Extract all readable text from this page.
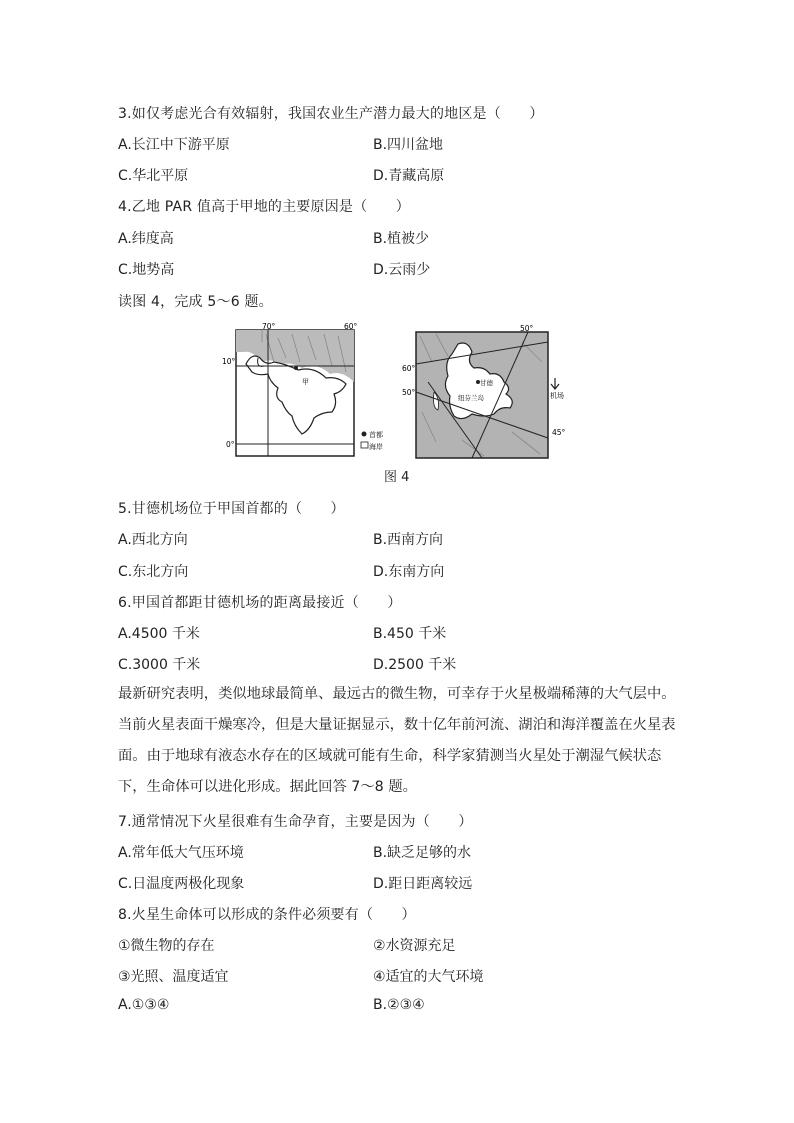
3.如仅考虑光合有效辐射，我国农业生产潜力最大的地区是（　　）
A.长江中下游平原	B.四川盆地
C.华北平原	D.青藏高原
4.乙地 PAR 值高于甲地的主要原因是（　　）
A.纬度高	B.植被少
C.地势高	D.云雨少
读图 4，完成 5～6 题。
70°	60°
10°
0°
甲
首都
海岸
50°
60°
50°
45°
甘德
纽芬兰岛	机场
图 4
5.甘德机场位于甲国首都的（　　）
A.西北方向	B.西南方向
C.东北方向	D.东南方向
6.甲国首都距甘德机场的距离最接近（　　）
A.4500 千米	B.450 千米
C.3000 千米	D.2500 千米
最新研究表明，类似地球最简单、最远古的微生物，可幸存于火星极端稀薄的大气层中。当前火星表面干燥寒冷，但是大量证据显示，数十亿年前河流、湖泊和海洋覆盖在火星表面。由于地球有液态水存在的区域就可能有生命，科学家猜测当火星处于潮湿气候状态下，生命体可以进化形成。据此回答 7～8 题。
7.通常情况下火星很难有生命孕育，主要是因为（　　）
A.常年低大气压环境	B.缺乏足够的水
C.日温度两极化现象	D.距日距离较远
8.火星生命体可以形成的条件必须要有（　　）
①微生物的存在	②水资源充足
③光照、温度适宜	④适宜的大气环境
A.①③④	B.②③④
